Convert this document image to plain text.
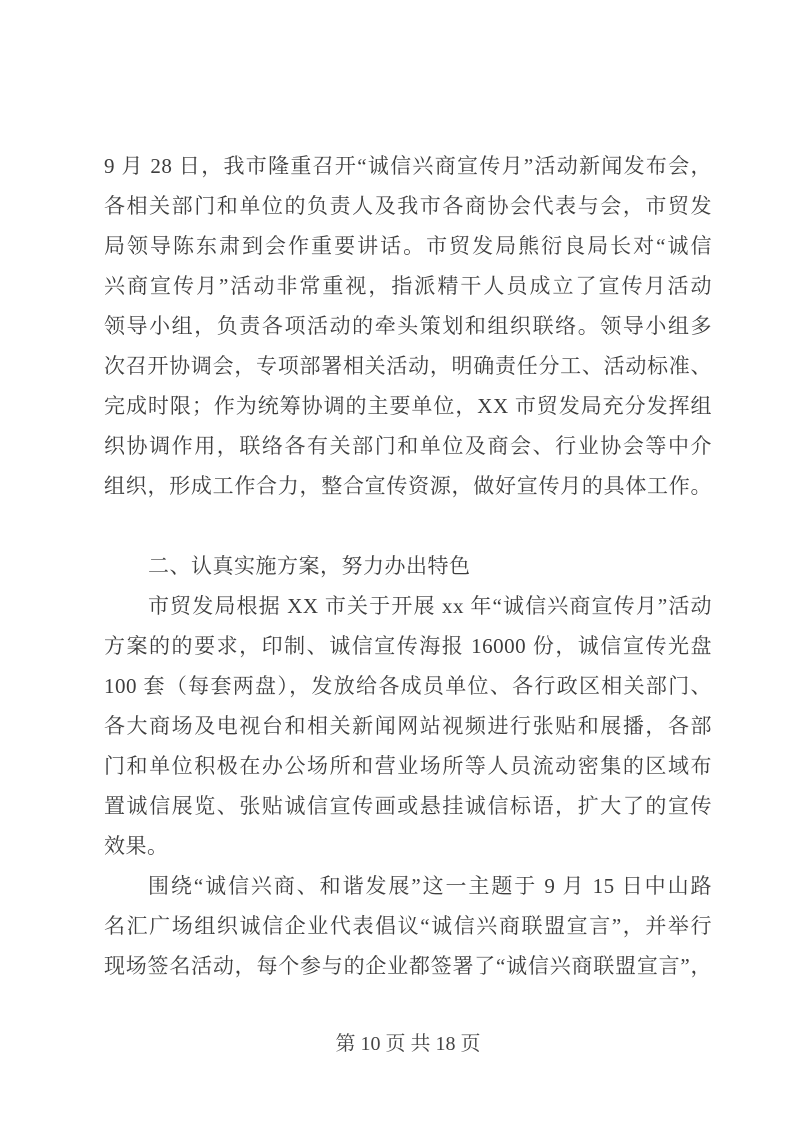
9 月 28 日，我市隆重召开“诚信兴商宣传月”活动新闻发布会，
各相关部门和单位的负责人及我市各商协会代表与会，市贸发
局领导陈东肃到会作重要讲话。市贸发局熊衍良局长对“诚信
兴商宣传月”活动非常重视，指派精干人员成立了宣传月活动
领导小组，负责各项活动的牵头策划和组织联络。领导小组多
次召开协调会，专项部署相关活动，明确责任分工、活动标准、
完成时限；作为统筹协调的主要单位，XX 市贸发局充分发挥组
织协调作用，联络各有关部门和单位及商会、行业协会等中介
组织，形成工作合力，整合宣传资源，做好宣传月的具体工作。
二、认真实施方案，努力办出特色
市贸发局根据 XX 市关于开展 xx 年“诚信兴商宣传月”活动
方案的的要求，印制、诚信宣传海报 16000 份，诚信宣传光盘
100 套（每套两盘），发放给各成员单位、各行政区相关部门、
各大商场及电视台和相关新闻网站视频进行张贴和展播，各部
门和单位积极在办公场所和营业场所等人员流动密集的区域布
置诚信展览、张贴诚信宣传画或悬挂诚信标语，扩大了的宣传
效果。
围绕“诚信兴商、和谐发展”这一主题于 9 月 15 日中山路
名汇广场组织诚信企业代表倡议“诚信兴商联盟宣言”，并举行
现场签名活动，每个参与的企业都签署了“诚信兴商联盟宣言”，
第 10 页 共 18 页
